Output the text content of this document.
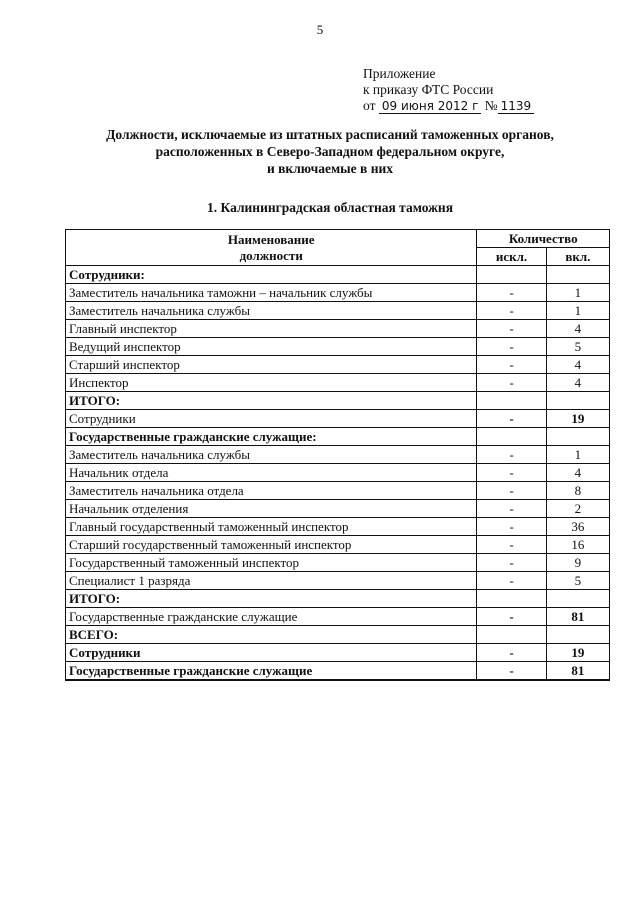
5
Приложение
к приказу ФТС России
от 09 июня 2012 г № 1139
Должности, исключаемые из штатных расписаний таможенных органов,
расположенных в Северо-Западном федеральном округе,
и включаемые в них
1. Калининградская областная таможня
Наименование
должности	Количество	
	искл.	вкл.
Сотрудники:		
Заместитель начальника таможни – начальник службы	-	1
Заместитель начальника службы	-	1
Главный инспектор	-	4
Ведущий инспектор	-	5
Старший инспектор	-	4
Инспектор	-	4
ИТОГО:		
Сотрудники	-	19
Государственные гражданские служащие:		
Заместитель начальника службы	-	1
Начальник отдела	-	4
Заместитель начальника отдела	-	8
Начальник отделения	-	2
Главный государственный таможенный инспектор	-	36
Старший государственный таможенный инспектор	-	16
Государственный таможенный инспектор	-	9
Специалист 1 разряда	-	5
ИТОГО:		
Государственные гражданские служащие	-	81
ВСЕГО:		
Сотрудники	-	19
Государственные гражданские служащие	-	81
